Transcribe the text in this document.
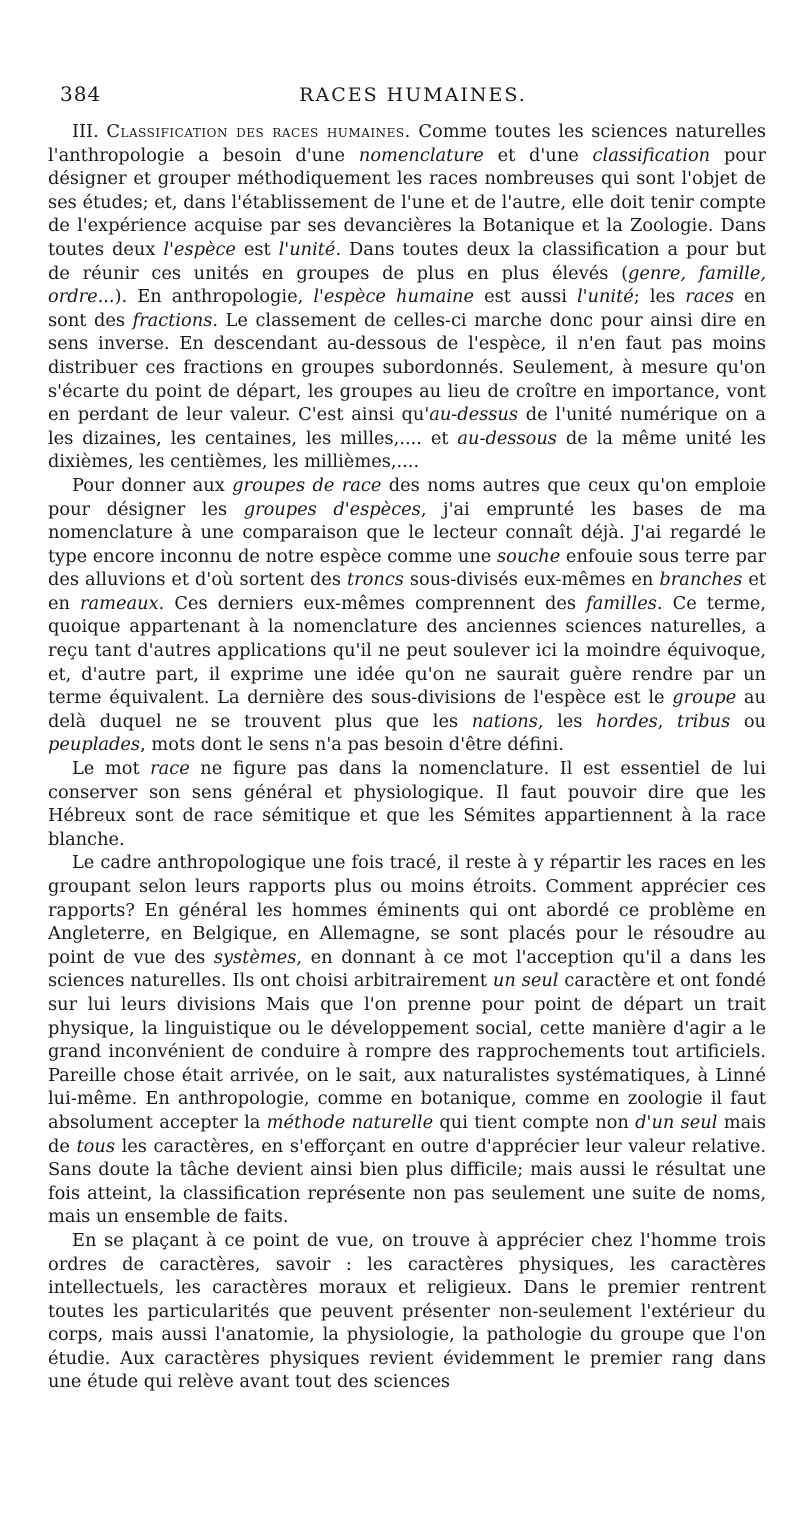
384	RACES HUMAINES.

III. Classification des races humaines. Comme toutes les sciences naturelles l'anthropologie a besoin d'une nomenclature et d'une classification pour désigner et grouper méthodiquement les races nombreuses qui sont l'objet de ses études; et, dans l'établissement de l'une et de l'autre, elle doit tenir compte de l'expérience acquise par ses devancières la Botanique et la Zoologie. Dans toutes deux l'espèce est l'unité. Dans toutes deux la classification a pour but de réunir ces unités en groupes de plus en plus élevés (genre, famille, ordre...). En anthropologie, l'espèce humaine est aussi l'unité; les races en sont des fractions. Le classement de celles-ci marche donc pour ainsi dire en sens inverse. En descendant au-dessous de l'espèce, il n'en faut pas moins distribuer ces fractions en groupes subordonnés. Seulement, à mesure qu'on s'écarte du point de départ, les groupes au lieu de croître en importance, vont en perdant de leur valeur. C'est ainsi qu'au-dessus de l'unité numérique on a les dizaines, les centaines, les milles,.... et au-dessous de la même unité les dixièmes, les centièmes, les millièmes,....

Pour donner aux groupes de race des noms autres que ceux qu'on emploie pour désigner les groupes d'espèces, j'ai emprunté les bases de ma nomenclature à une comparaison que le lecteur connaît déjà. J'ai regardé le type encore inconnu de notre espèce comme une souche enfouie sous terre par des alluvions et d'où sortent des troncs sous-divisés eux-mêmes en branches et en rameaux. Ces derniers eux-mêmes comprennent des familles. Ce terme, quoique appartenant à la nomenclature des anciennes sciences naturelles, a reçu tant d'autres applications qu'il ne peut soulever ici la moindre équivoque, et, d'autre part, il exprime une idée qu'on ne saurait guère rendre par un terme équivalent. La dernière des sous-divisions de l'espèce est le groupe au delà duquel ne se trouvent plus que les nations, les hordes, tribus ou peuplades, mots dont le sens n'a pas besoin d'être défini.

Le mot race ne figure pas dans la nomenclature. Il est essentiel de lui conserver son sens général et physiologique. Il faut pouvoir dire que les Hébreux sont de race sémitique et que les Sémites appartiennent à la race blanche.

Le cadre anthropologique une fois tracé, il reste à y répartir les races en les groupant selon leurs rapports plus ou moins étroits. Comment apprécier ces rapports? En général les hommes éminents qui ont abordé ce problème en Angleterre, en Belgique, en Allemagne, se sont placés pour le résoudre au point de vue des systèmes, en donnant à ce mot l'acception qu'il a dans les sciences naturelles. Ils ont choisi arbitrairement un seul caractère et ont fondé sur lui leurs divisions Mais que l'on prenne pour point de départ un trait physique, la linguistique ou le développement social, cette manière d'agir a le grand inconvénient de conduire à rompre des rapprochements tout artificiels. Pareille chose était arrivée, on le sait, aux naturalistes systématiques, à Linné lui-même. En anthropologie, comme en botanique, comme en zoologie il faut absolument accepter la méthode naturelle qui tient compte non d'un seul mais de tous les caractères, en s'efforçant en outre d'apprécier leur valeur relative. Sans doute la tâche devient ainsi bien plus difficile; mais aussi le résultat une fois atteint, la classification représente non pas seulement une suite de noms, mais un ensemble de faits.

En se plaçant à ce point de vue, on trouve à apprécier chez l'homme trois ordres de caractères, savoir : les caractères physiques, les caractères intellectuels, les caractères moraux et religieux. Dans le premier rentrent toutes les particularités que peuvent présenter non-seulement l'extérieur du corps, mais aussi l'anatomie, la physiologie, la pathologie du groupe que l'on étudie. Aux caractères physiques revient évidemment le premier rang dans une étude qui relève avant tout des sciences
